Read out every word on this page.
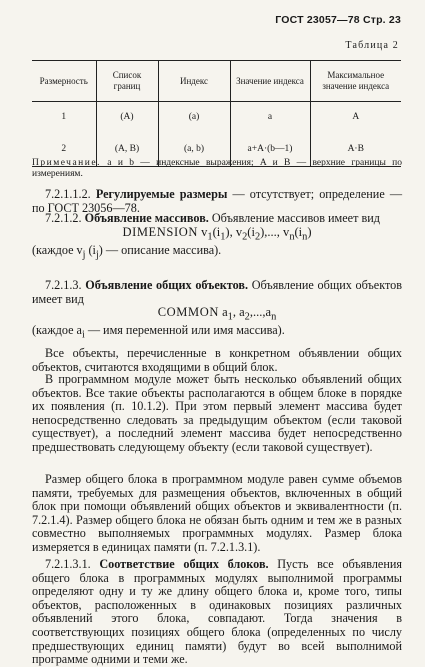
ГОСТ 23057—78 Стр. 23
Таблица 2
Размерность	Список границ	Индекс	Значение индекса	Максимальное значение индекса
1	(A)	(a)	a	A
2	(A, B)	(a, b)	a+A·(b—1)	A·B
Примечание. a и b — индексные выражения; A и B — верхние границы по измерениям.

7.2.1.1.2. Регулируемые размеры — отсутствует; определение — по ГОСТ 23056—78.

7.2.1.2. Объявление массивов. Объявление массивов имеет вид

DIMENSION $v_1(i_1)$, $v_2(i_2)$,..., $v_n(i_n)$

(каждое $v_j$ $(i_j)$ — описание массива).

7.2.1.3. Объявление общих объектов. Объявление общих объектов имеет вид

COMMON $a_1$, $a_2,...,a_n$

(каждое $a_i$ — имя переменной или имя массива).

Все объекты, перечисленные в конкретном объявлении общих объектов, считаются входящими в общий блок.

В программном модуле может быть несколько объявлений общих объектов. Все такие объекты располагаются в общем блоке в порядке их появления (п. 10.1.2). При этом первый элемент массива будет непосредственно следовать за предыдущим объектом (если таковой существует), а последний элемент массива будет непосредственно предшествовать следующему объекту (если таковой существует).

Размер общего блока в программном модуле равен сумме объемов памяти, требуемых для размещения объектов, включенных в общий блок при помощи объявлений общих объектов и эквивалентности (п. 7.2.1.4). Размер общего блока не обязан быть одним и тем же в разных совместно выполняемых программных модулях. Размер блока измеряется в единицах памяти (п. 7.2.1.3.1).

7.2.1.3.1. Соответствие общих блоков. Пусть все объявления общего блока в программных модулях выполнимой программы определяют одну и ту же длину общего блока и, кроме того, типы объектов, расположенных в одинаковых позициях различных объявлений этого блока, совпадают. Тогда значения в соответствующих позициях общего блока (определенных по числу предшествующих единиц памяти) будут во всей выполнимой программе одними и теми же.
